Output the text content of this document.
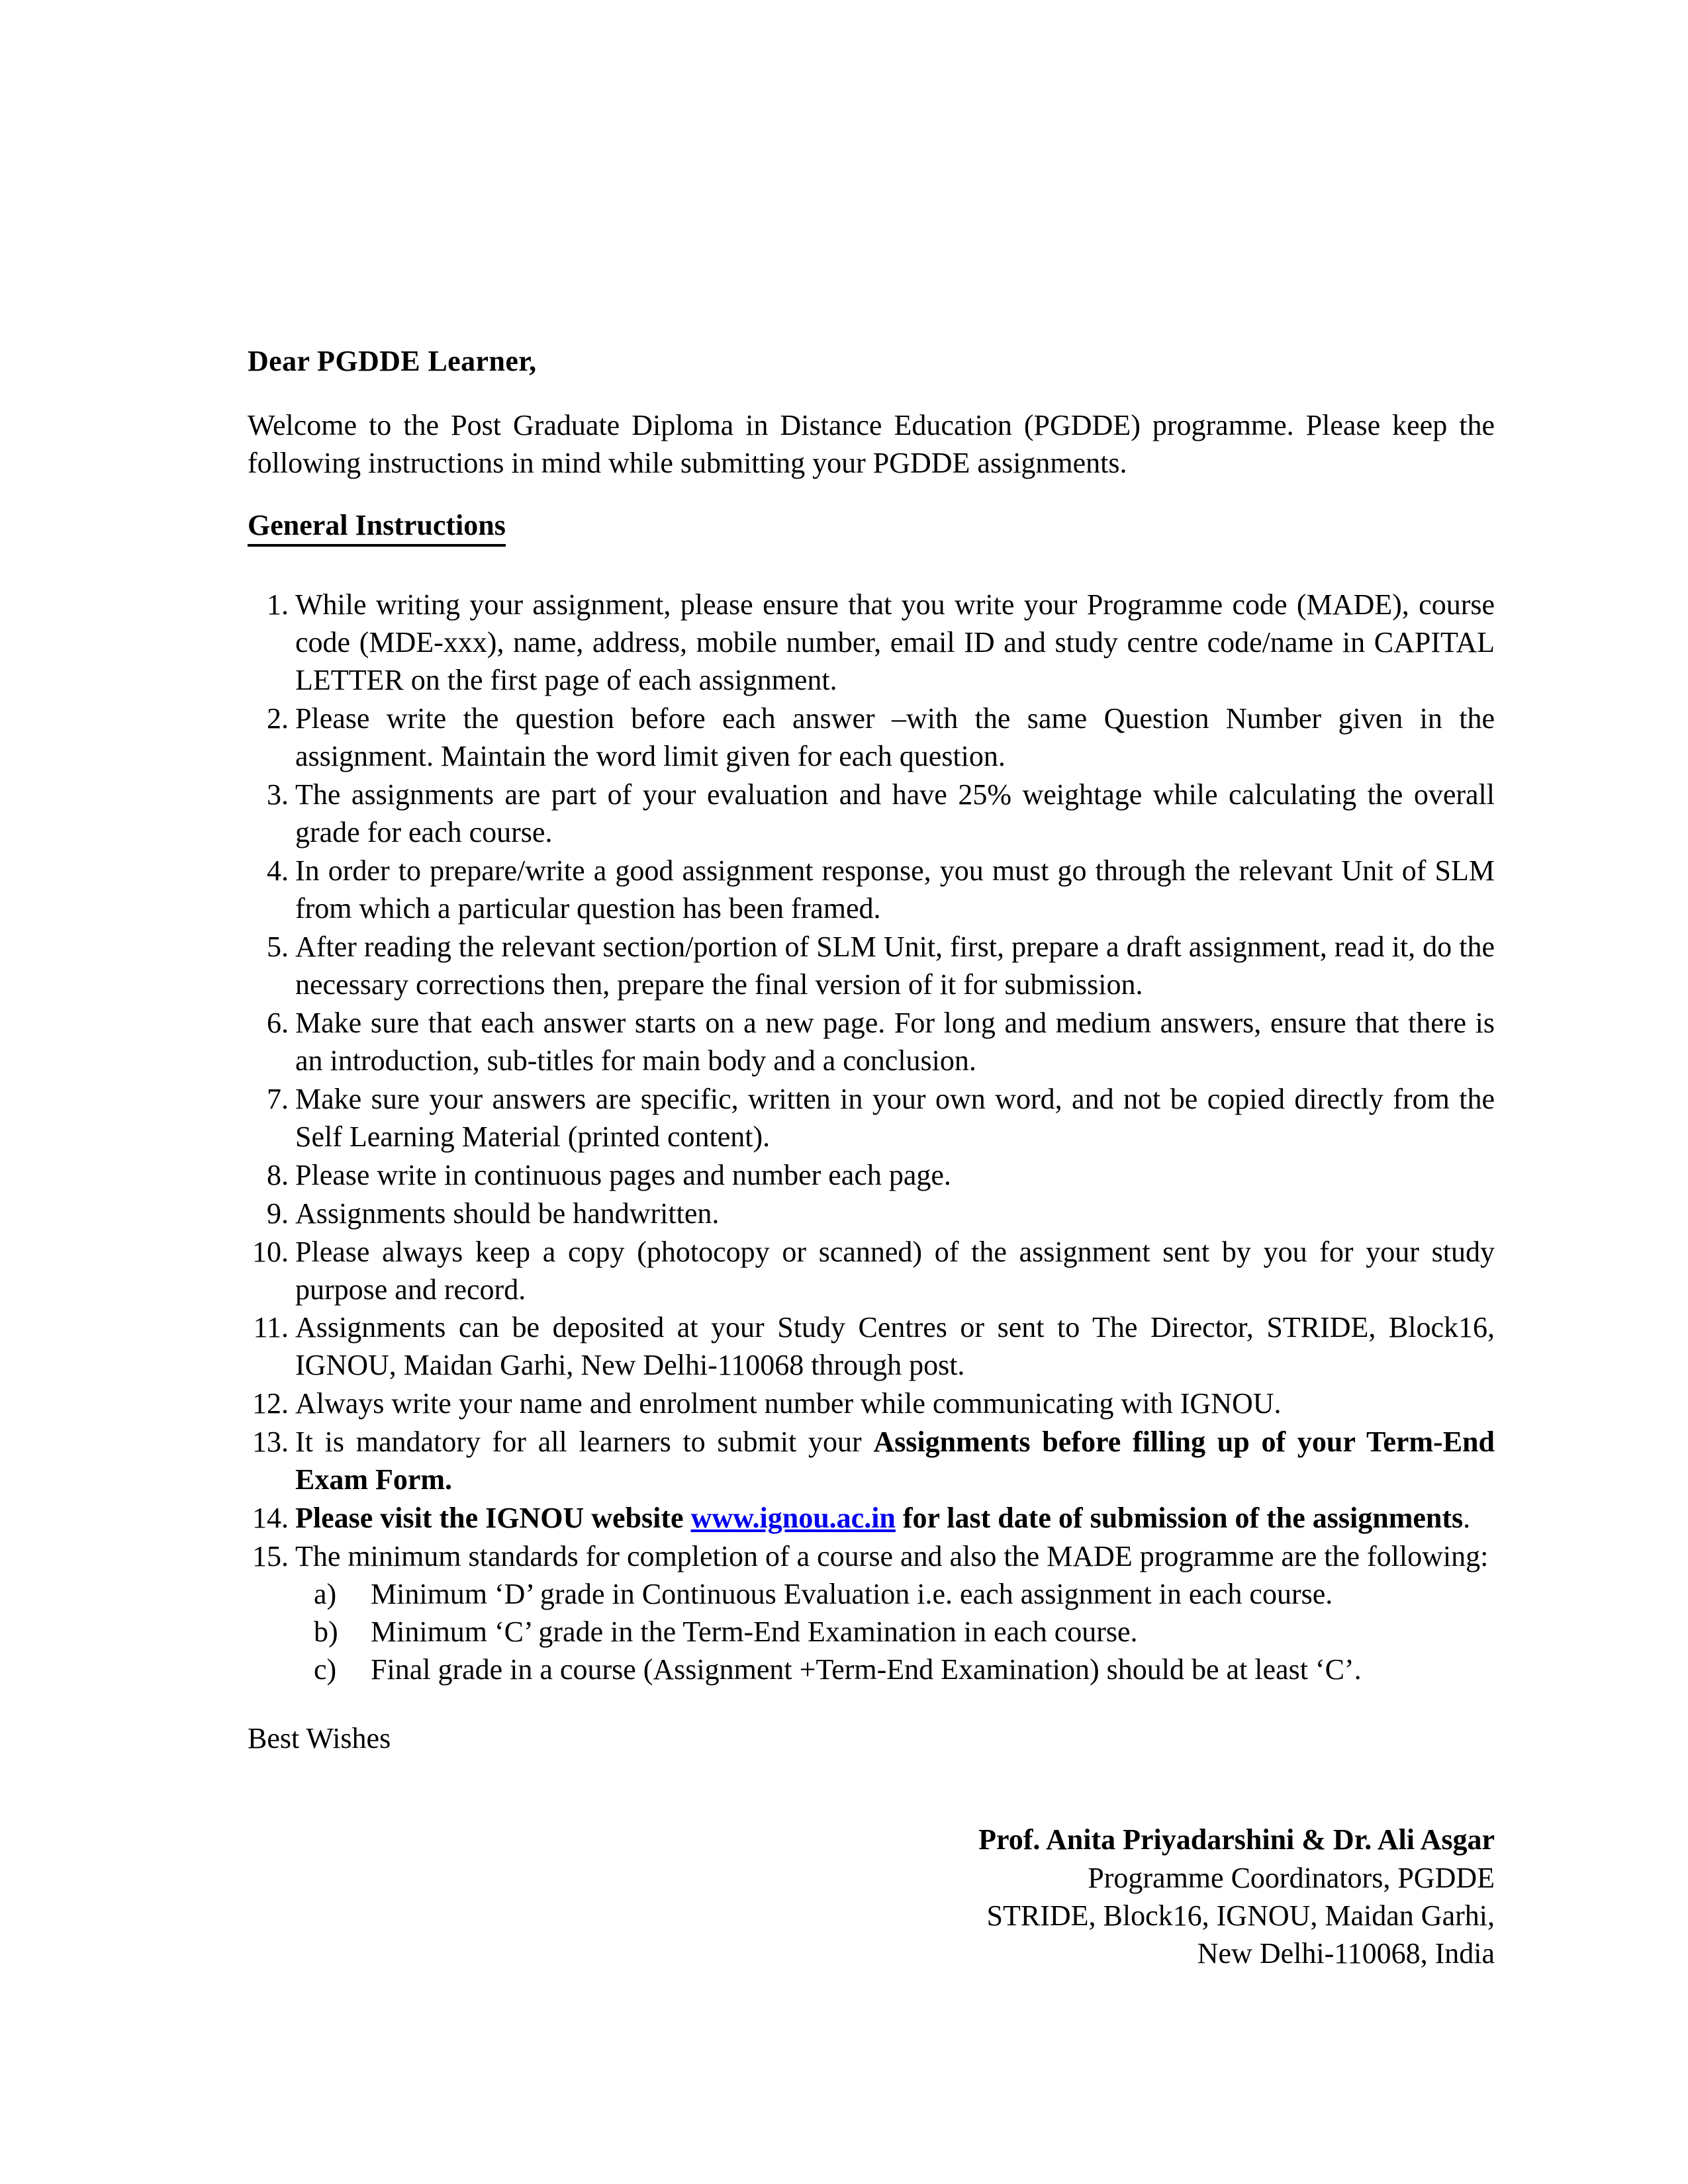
Dear PGDDE Learner,

Welcome to the Post Graduate Diploma in Distance Education (PGDDE) programme. Please keep the following instructions in mind while submitting your PGDDE assignments.

General Instructions
1. While writing your assignment, please ensure that you write your Programme code (MADE), course code (MDE-xxx), name, address, mobile number, email ID and study centre code/name in CAPITAL LETTER on the first page of each assignment.
2. Please write the question before each answer –with the same Question Number given in the assignment. Maintain the word limit given for each question.
3. The assignments are part of your evaluation and have 25% weightage while calculating the overall grade for each course.
4. In order to prepare/write a good assignment response, you must go through the relevant Unit of SLM from which a particular question has been framed.
5. After reading the relevant section/portion of SLM Unit, first, prepare a draft assignment, read it, do the necessary corrections then, prepare the final version of it for submission.
6. Make sure that each answer starts on a new page. For long and medium answers, ensure that there is an introduction, sub-titles for main body and a conclusion.
7. Make sure your answers are specific, written in your own word, and not be copied directly from the Self Learning Material (printed content).
8. Please write in continuous pages and number each page.
9. Assignments should be handwritten.
10. Please always keep a copy (photocopy or scanned) of the assignment sent by you for your study purpose and record.
11. Assignments can be deposited at your Study Centres or sent to The Director, STRIDE, Block16, IGNOU, Maidan Garhi, New Delhi-110068 through post.
12. Always write your name and enrolment number while communicating with IGNOU.
13. It is mandatory for all learners to submit your Assignments before filling up of your Term-End Exam Form.
14. Please visit the IGNOU website www.ignou.ac.in for last date of submission of the assignments.
15. The minimum standards for completion of a course and also the MADE programme are the following:
a)	Minimum ‘D’ grade in Continuous Evaluation i.e. each assignment in each course.
b)	Minimum ‘C’ grade in the Term-End Examination in each course.
c)	Final grade in a course (Assignment +Term-End Examination) should be at least ‘C’.

Best Wishes

Prof. Anita Priyadarshini & Dr. Ali Asgar
Programme Coordinators, PGDDE
STRIDE, Block16, IGNOU, Maidan Garhi,
New Delhi-110068, India
